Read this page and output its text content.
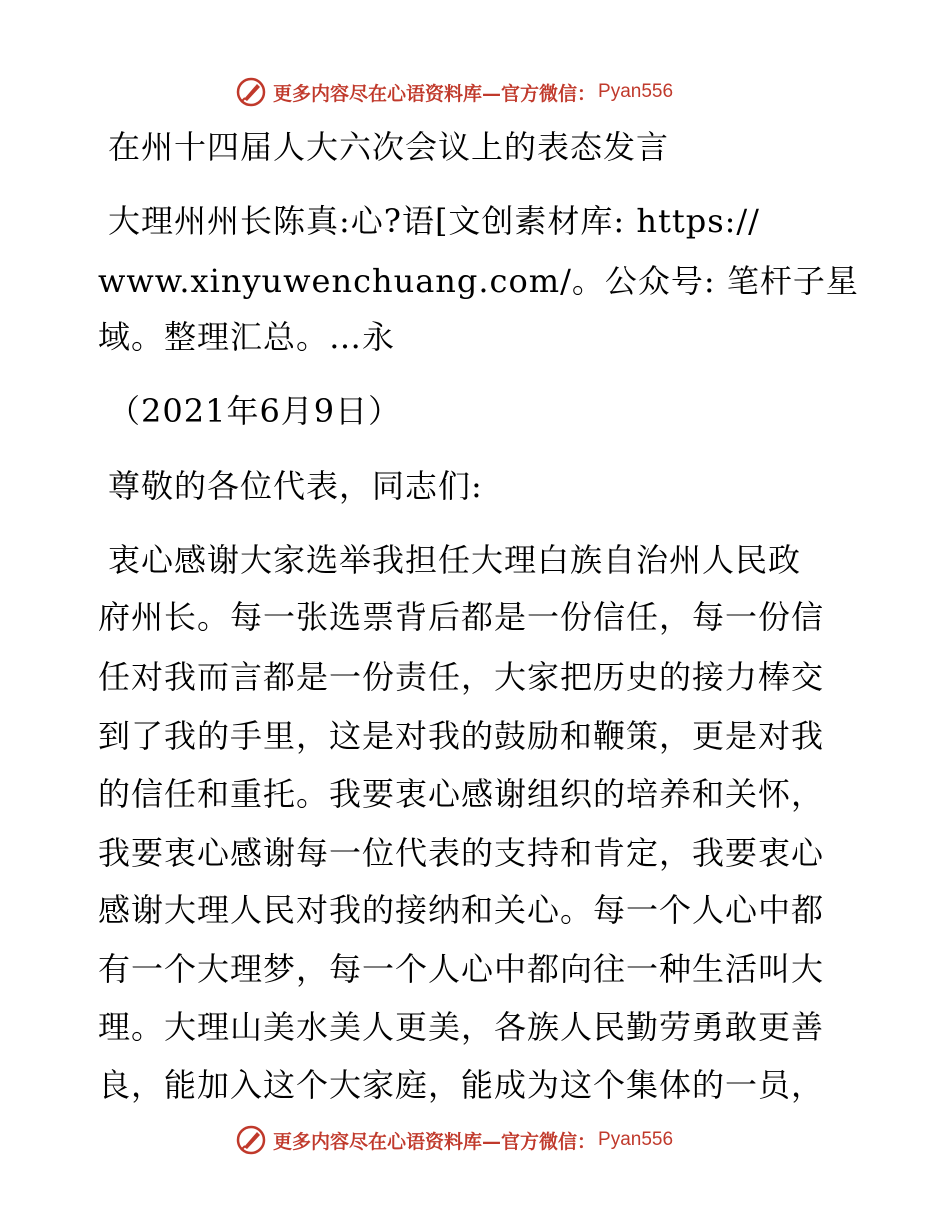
更多内容尽在心语资料库—官方微信： Pyan556
在州十四届人大六次会议上的表态发言
大理州州长陈真:心?语[文创素材库: https://
www.xinyuwenchuang.com/。公众号: 笔杆子星
域。整理汇总。…永
（2021年6月9日）
尊敬的各位代表，同志们:
衷心感谢大家选举我担任大理白族自治州人民政
府州长。每一张选票背后都是一份信任，每一份信
任对我而言都是一份责任，大家把历史的接力棒交
到了我的手里，这是对我的鼓励和鞭策，更是对我
的信任和重托。我要衷心感谢组织的培养和关怀，
我要衷心感谢每一位代表的支持和肯定，我要衷心
感谢大理人民对我的接纳和关心。每一个人心中都
有一个大理梦，每一个人心中都向往一种生活叫大
理。大理山美水美人更美，各族人民勤劳勇敢更善
良，能加入这个大家庭，能成为这个集体的一员，
更多内容尽在心语资料库—官方微信： Pyan556
